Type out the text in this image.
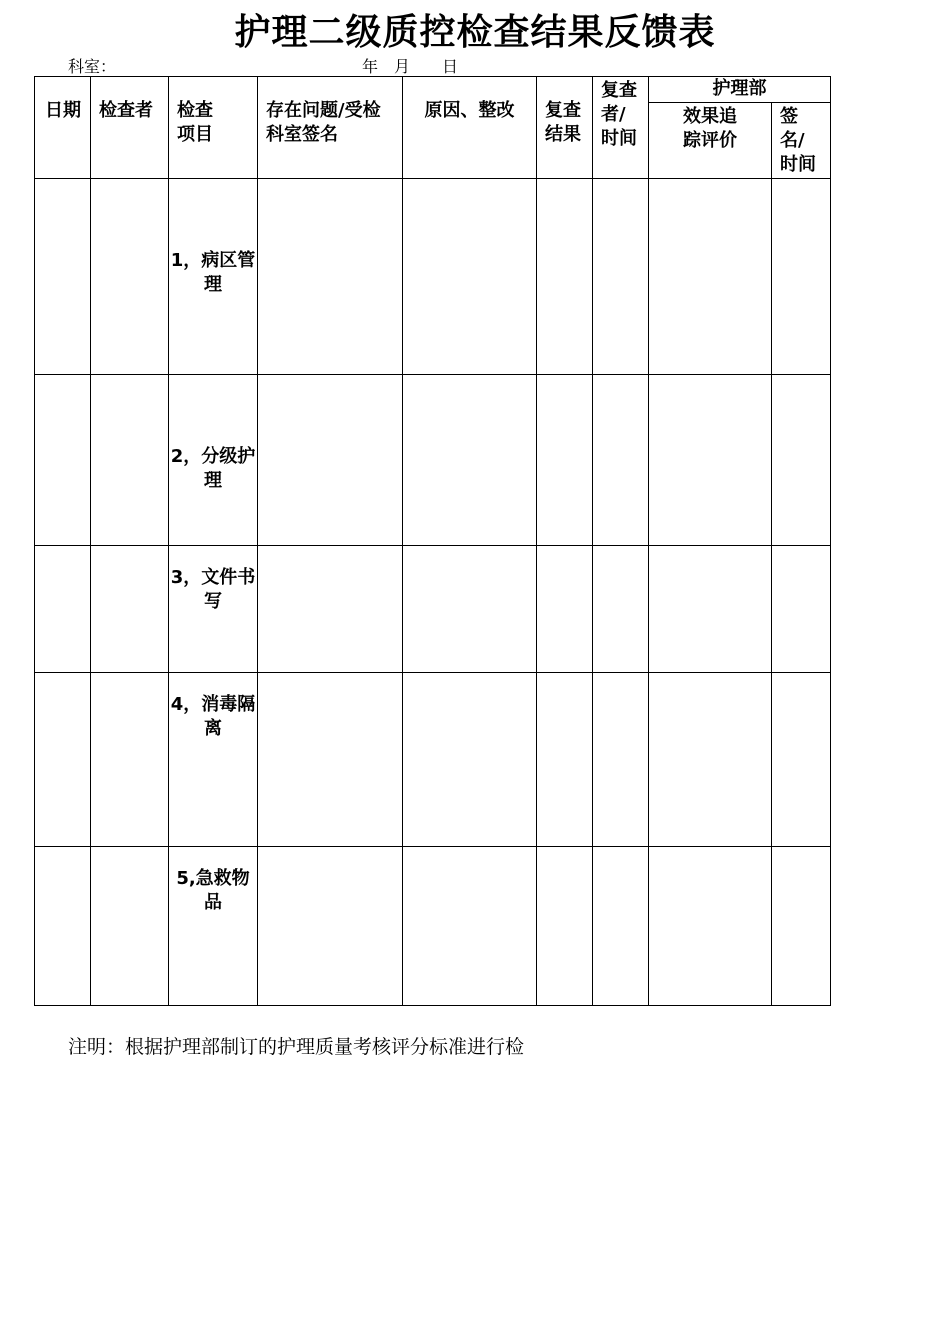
护理二级质控检查结果反馈表
科室：	年　月　　日
日期	检查者	检查项目	存在问题/受检科室签名	原因、整改	复查结果	复查者/时间	护理部	

							效果追踪评价	签名/时间

		1，病区管理						

		2，分级护理						

		3，文件书写						

		4，消毒隔离						

		5,急救物品						

注明：根据护理部制订的护理质量考核评分标准进行检
